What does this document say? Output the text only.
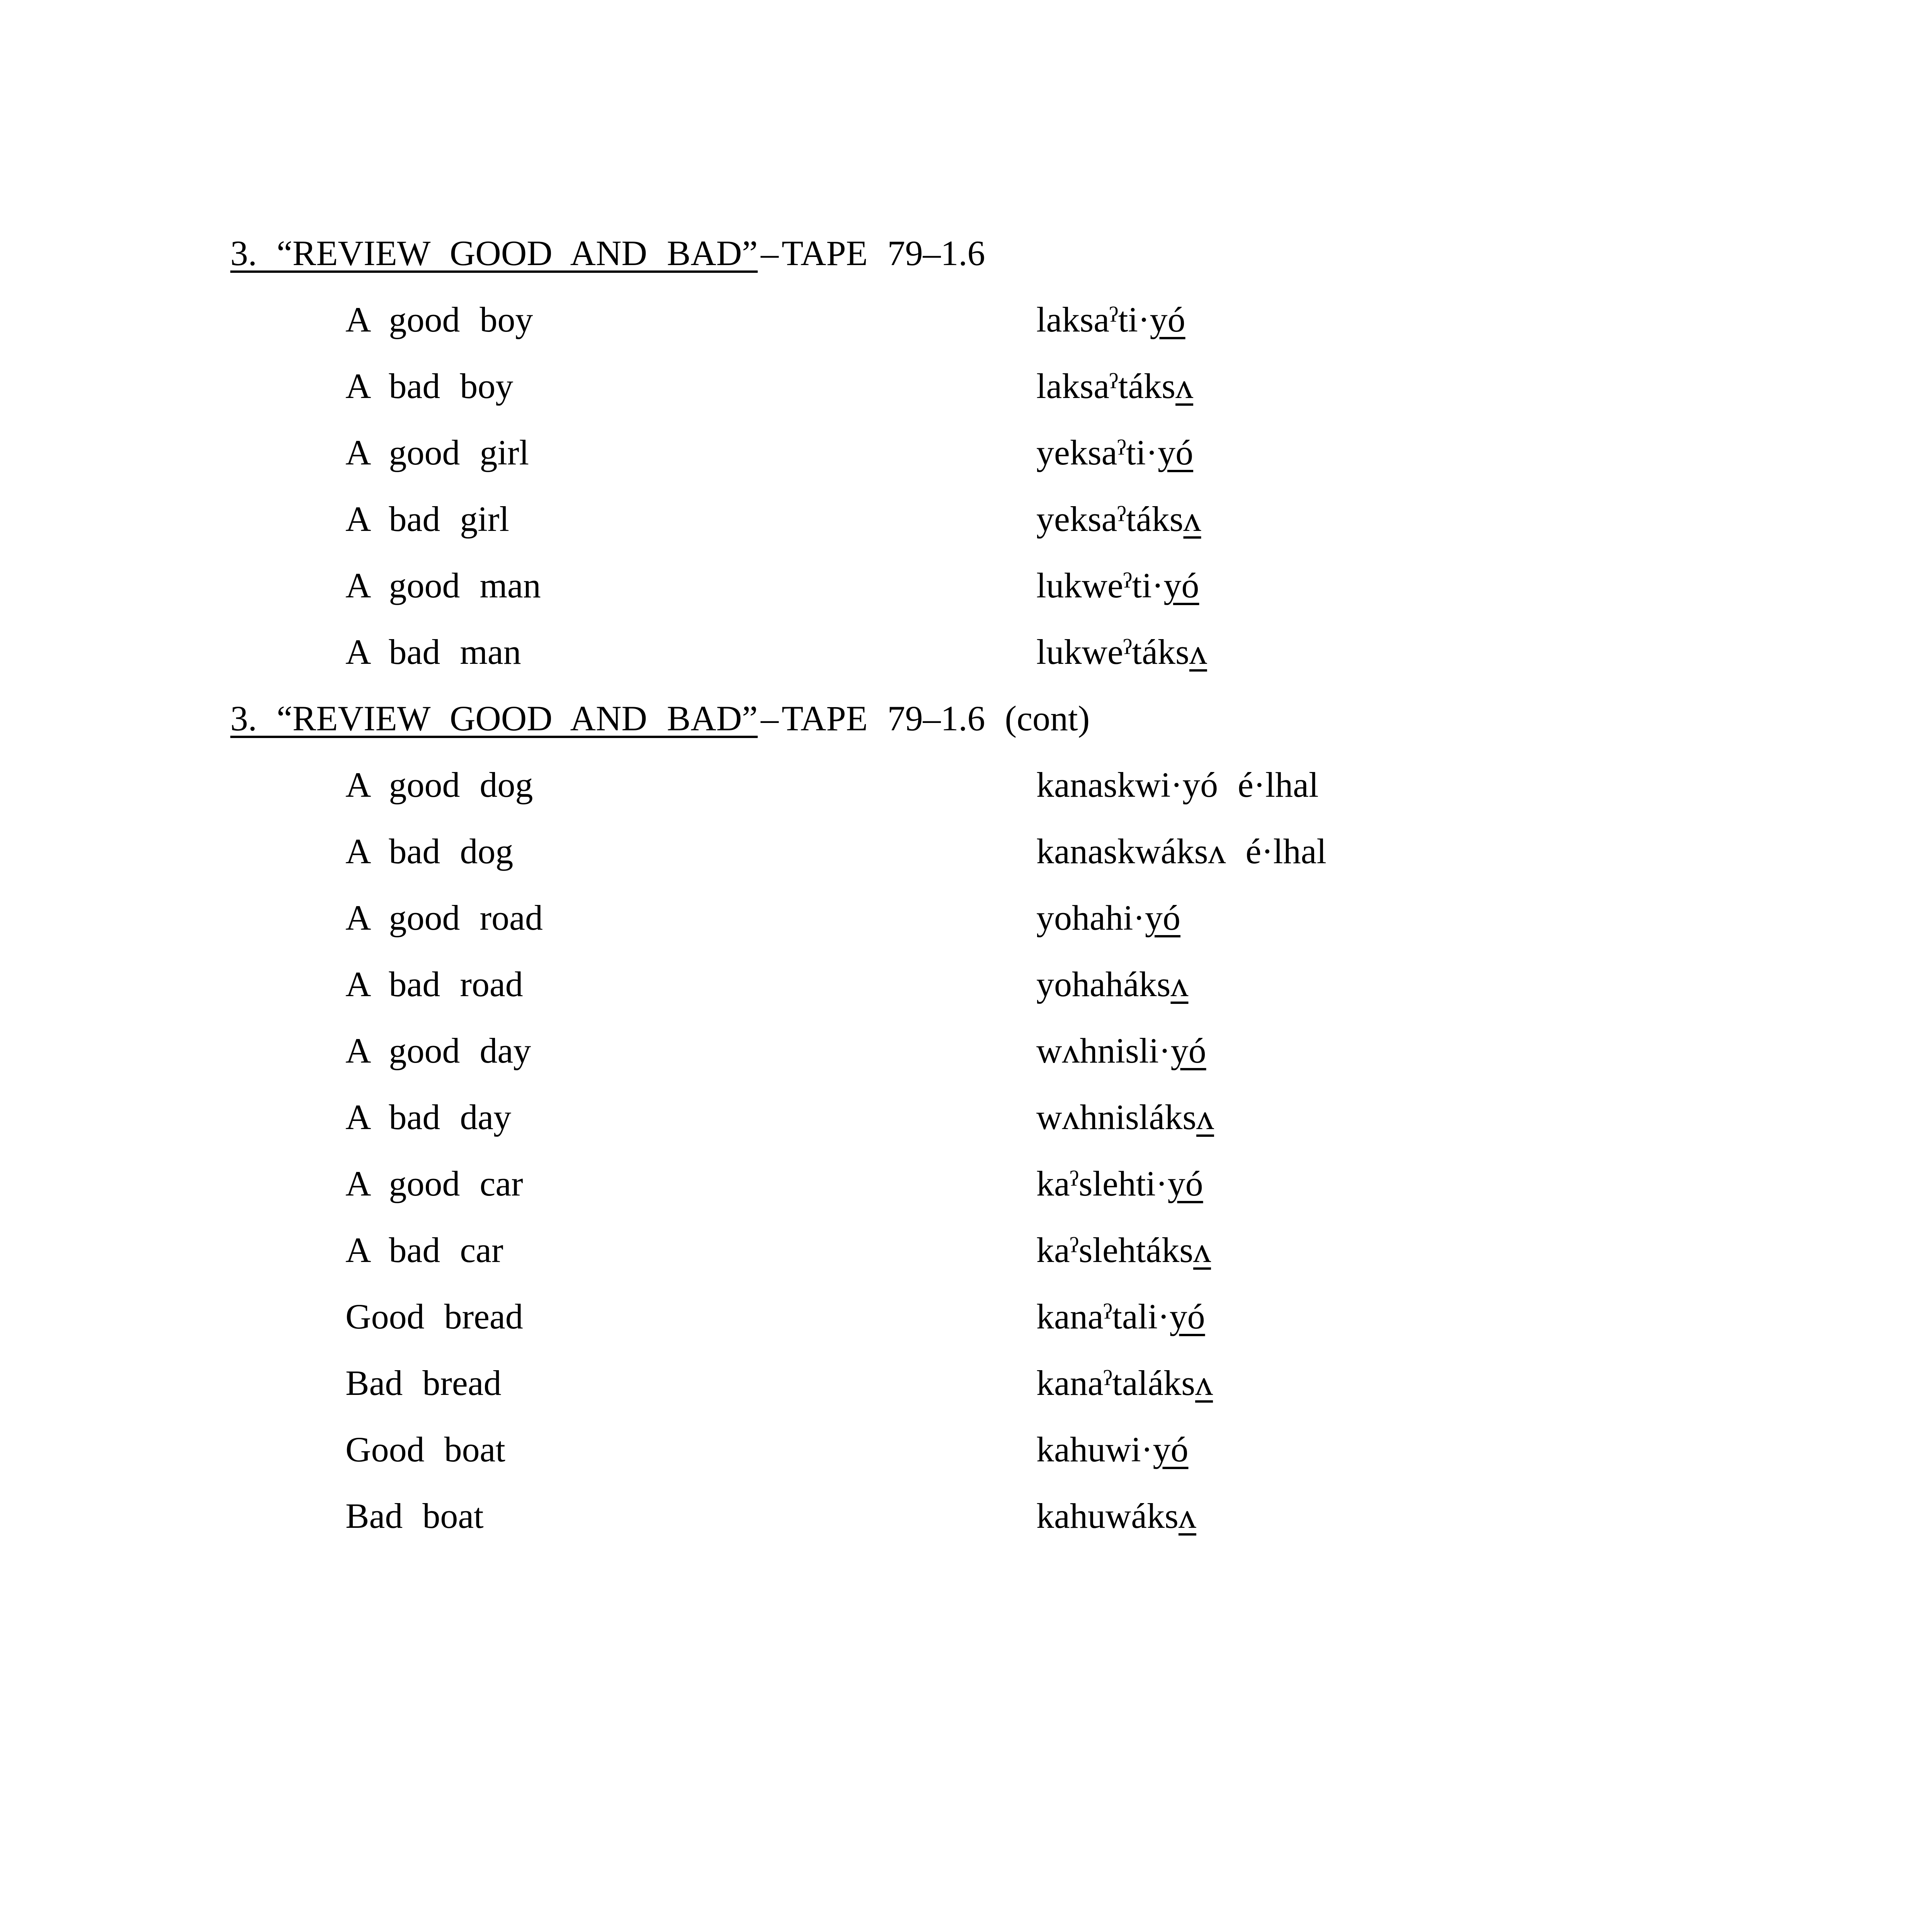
3. “REVIEW GOOD AND BAD”–TAPE 79–1.6
A good boy	laksaˀti·yó
A bad boy	laksaˀtáksʌ
A good girl	yeksaˀti·yó
A bad girl	yeksaˀtáksʌ
A good man	lukweˀti·yó
A bad man	lukweˀtáksʌ
3. “REVIEW GOOD AND BAD”–TAPE 79–1.6 (cont)
A good dog	kanaskwi·yó é·lhal
A bad dog	kanaskwáksʌ é·lhal
A good road	yohahi·yó
A bad road	yohaháksʌ
A good day	wʌhnisli·yó
A bad day	wʌhnisláksʌ
A good car	kaˀslehti·yó
A bad car	kaˀslehtáksʌ
Good bread	kanaˀtali·yó
Bad bread	kanaˀtaláksʌ
Good boat	kahuwi·yó
Bad boat	kahuwáksʌ
